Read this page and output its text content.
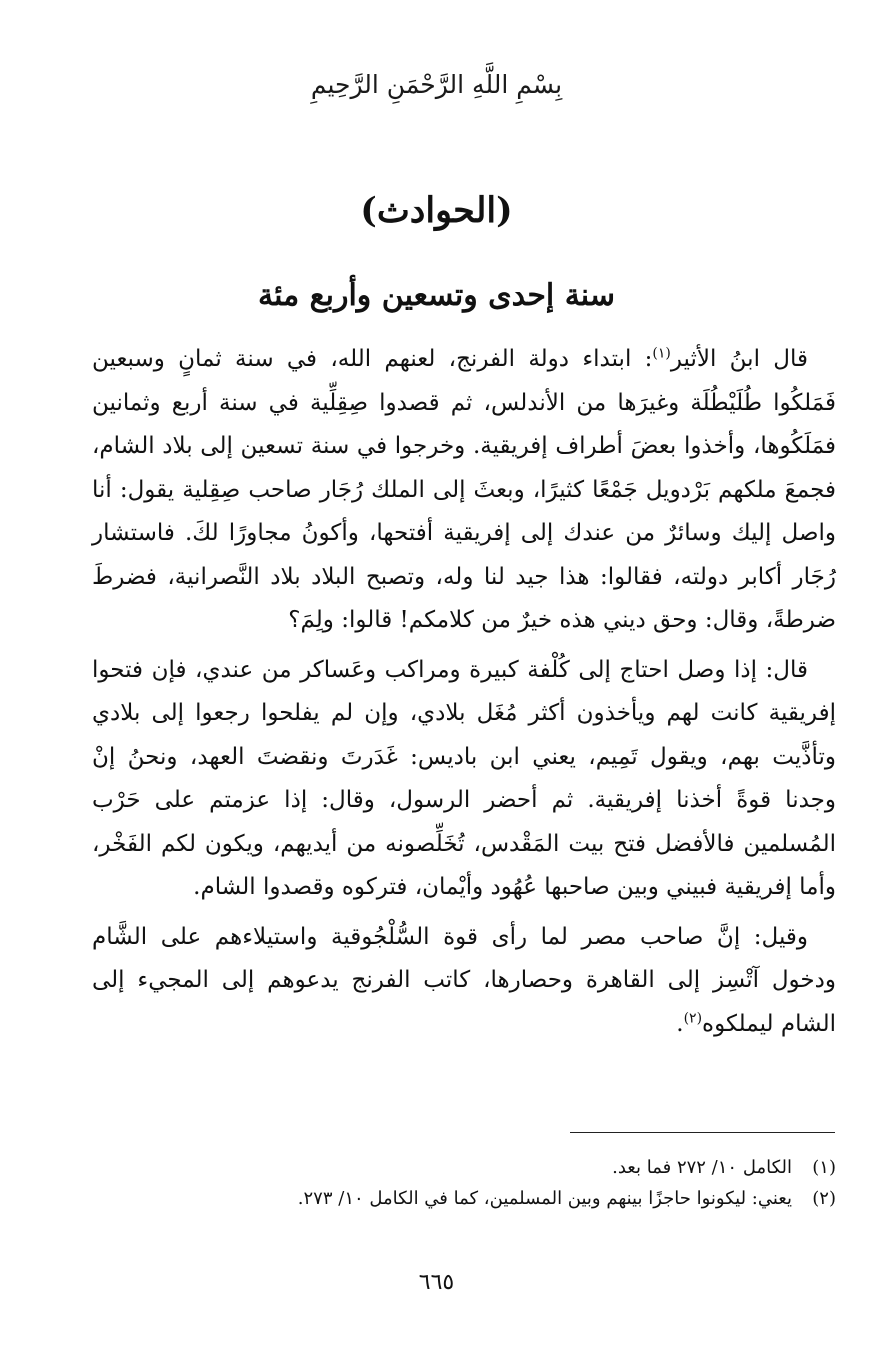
بِسْمِ اللَّهِ الرَّحْمَنِ الرَّحِيمِ
(الحوادث)
سنة إحدى وتسعين وأربع مئة

قال ابنُ الأثير$^{(١)}$: ابتداء دولة الفرنج، لعنهم الله، في سنة ثمانٍ وسبعين فَمَلكُوا طُلَيْطُلَة وغيرَها من الأندلس، ثم قصدوا صِقِلِّية في سنة أربع وثمانين فمَلَكُوها، وأخذوا بعضَ أطراف إفريقية. وخرجوا في سنة تسعين إلى بلاد الشام، فجمعَ ملكهم بَرْدويل جَمْعًا كثيرًا، وبعثَ إلى الملك رُجَار صاحب صِقِلية يقول: أنا واصل إليك وسائرٌ من عندك إلى إفريقية أفتحها، وأكونُ مجاورًا لكَ. فاستشار رُجَار أكابر دولته، فقالوا: هذا جيد لنا وله، وتصبح البلاد بلاد النَّصرانية، فضرطَ ضرطةً، وقال: وحق ديني هذه خيرٌ من كلامكم! قالوا: ولِمَ؟

قال: إذا وصل احتاج إلى كُلْفة كبيرة ومراكب وعَساكر من عندي، فإن فتحوا إفريقية كانت لهم ويأخذون أكثر مُغَل بلادي، وإن لم يفلحوا رجعوا إلى بلادي وتأذَّيت بهم، ويقول تَمِيم، يعني ابن باديس: غَدَرتَ ونقضتَ العهد، ونحنُ إنْ وجدنا قوةً أخذنا إفريقية. ثم أحضر الرسول، وقال: إذا عزمتم على حَرْب المُسلمين فالأفضل فتح بيت المَقْدس، تُخَلِّصونه من أيديهم، ويكون لكم الفَخْر، وأما إفريقية فبيني وبين صاحبها عُهُود وأيْمان، فتركوه وقصدوا الشام.

وقيل: إنَّ صاحب مصر لما رأى قوة السُّلْجُوقية واستيلاءهم على الشَّام ودخول آتْسِز إلى القاهرة وحصارها، كاتب الفرنج يدعوهم إلى المجيء إلى الشام ليملكوه$^{(٢)}$.

(١)
الكامل ١٠/ ٢٧٢ فما بعد.
(٢)
يعني: ليكونوا حاجزًا بينهم وبين المسلمين، كما في الكامل ١٠/ ٢٧٣.
٦٦٥
